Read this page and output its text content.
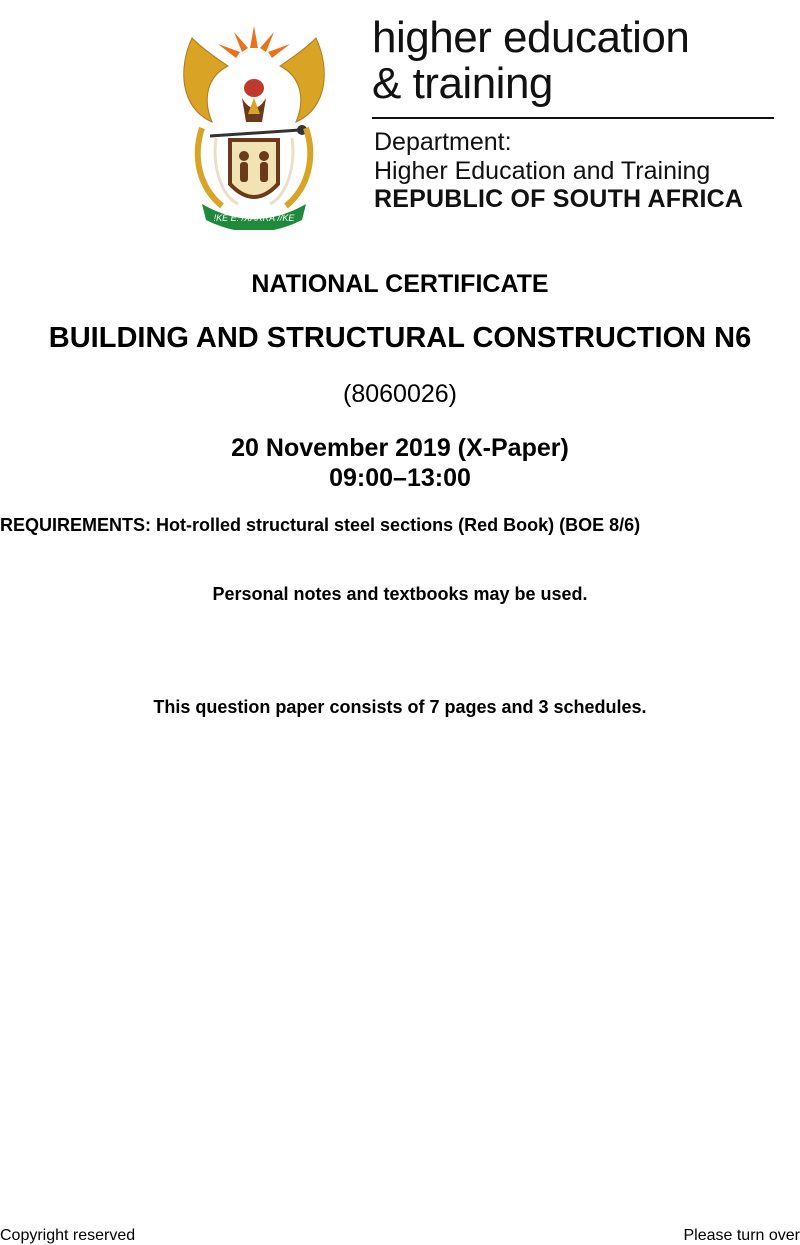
!KE E: /XARRA //KE
higher education
& training
Department:
Higher Education and Training
REPUBLIC OF SOUTH AFRICA
NATIONAL CERTIFICATE
BUILDING AND STRUCTURAL CONSTRUCTION N6
(8060026)
20 November 2019 (X-Paper)
09:00–13:00
REQUIREMENTS: Hot-rolled structural steel sections (Red Book) (BOE 8/6)
Personal notes and textbooks may be used.
This question paper consists of 7 pages and 3 schedules.
Copyright reserved	Please turn over
